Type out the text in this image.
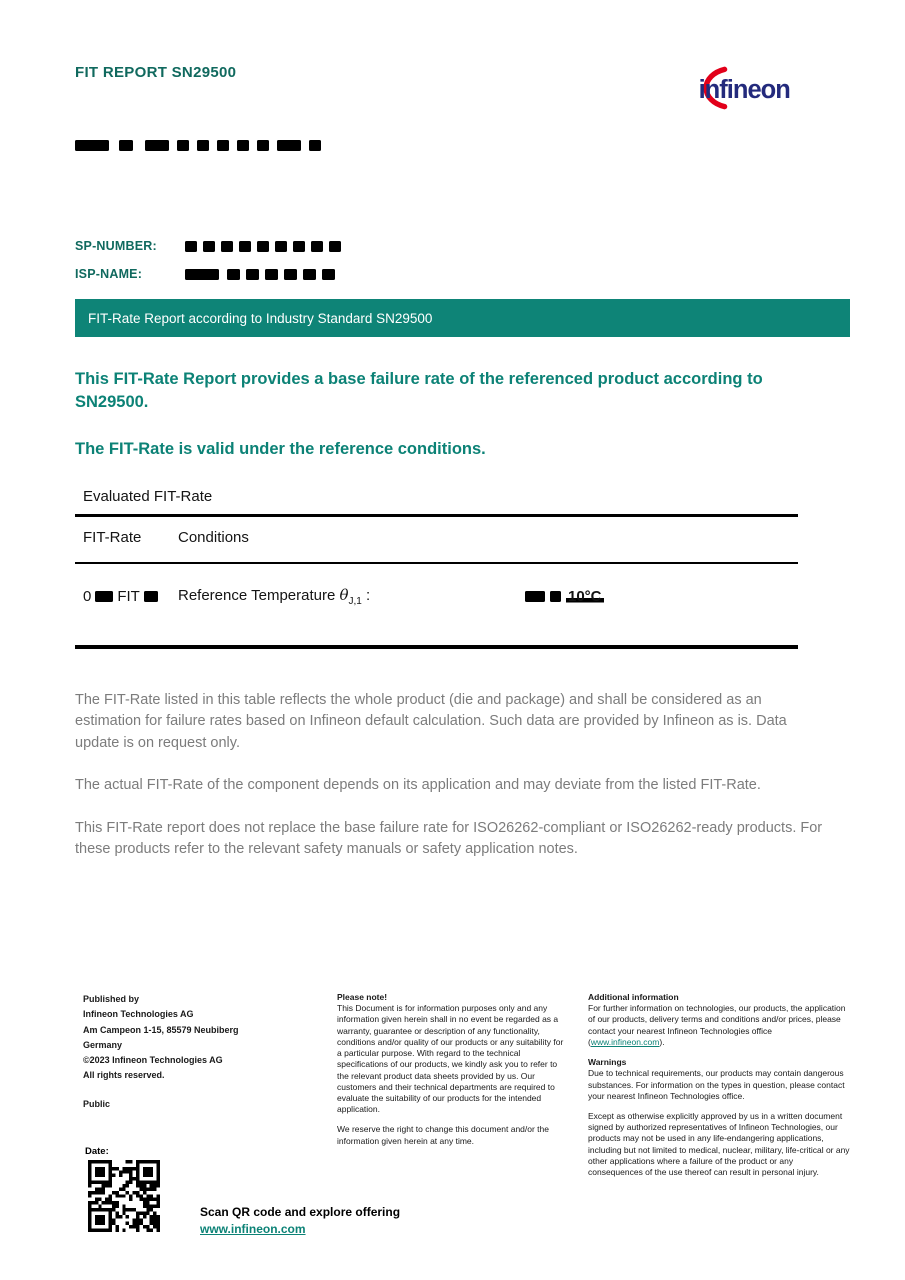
FIT REPORT SN29500
infineon
SP-NUMBER:
ISP-NAME:
FIT-Rate Report according to Industry Standard SN29500
This FIT-Rate Report provides a base failure rate of the referenced product according to SN29500.
The FIT-Rate is valid under the reference conditions.
Evaluated FIT-Rate
FIT-Rate	Conditions
0 FIT	Reference Temperature $\theta_{J,1}$ :	10°C

The FIT-Rate listed in this table reflects the whole product (die and package) and shall be considered as an estimation for failure rates based on Infineon default calculation. Such data are provided by Infineon as is. Data update is on request only.

The actual FIT-Rate of the component depends on its application and may deviate from the listed FIT-Rate.

This FIT-Rate report does not replace the base failure rate for ISO26262-compliant or ISO26262-ready products. For these products refer to the relevant safety manuals or safety application notes.

Published by
Infineon Technologies AG
Am Campeon 1-15, 85579 Neubiberg
Germany
©2023 Infineon Technologies AG
All rights reserved.
Public
Please note!

This Document is for information purposes only and any information given herein shall in no event be regarded as a warranty, guarantee or description of any functionality, conditions and/or quality of our products or any suitability for a particular purpose. With regard to the technical specifications of our products, we kindly ask you to refer to the relevant product data sheets provided by us. Our customers and their technical departments are required to evaluate the suitability of our products for the intended application.

We reserve the right to change this document and/or the information given herein at any time.

Additional information

For further information on technologies, our products, the application of our products, delivery terms and conditions and/or prices, please contact your nearest Infineon Technologies office (www.infineon.com).

Warnings

Due to technical requirements, our products may contain dangerous substances. For information on the types in question, please contact your nearest Infineon Technologies office.

Except as otherwise explicitly approved by us in a written document signed by authorized representatives of Infineon Technologies, our products may not be used in any life-endangering applications, including but not limited to medical, nuclear, military, life-critical or any other applications where a failure of the product or any consequences of the use thereof can result in personal injury.

Date:
Scan QR code and explore offering
www.infineon.com
